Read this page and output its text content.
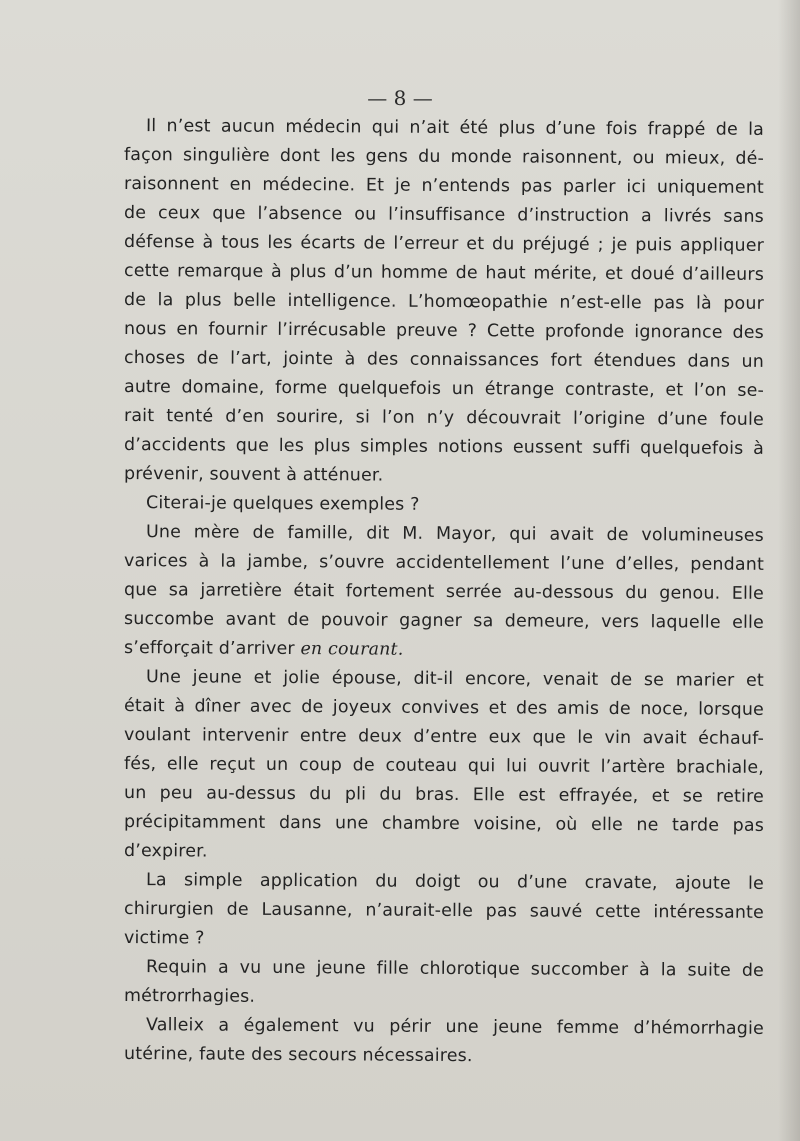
— 8 —
Il n’est aucun médecin qui n’ait été plus d’une fois frappé de la
façon singulière dont les gens du monde raisonnent, ou mieux, dé-
raisonnent en médecine. Et je n’entends pas parler ici uniquement
de ceux que l’absence ou l’insuffisance d’instruction a livrés sans
défense à tous les écarts de l’erreur et du préjugé ; je puis appliquer
cette remarque à plus d’un homme de haut mérite, et doué d’ailleurs
de la plus belle intelligence. L’homœopathie n’est-elle pas là pour
nous en fournir l’irrécusable preuve ? Cette profonde ignorance des
choses de l’art, jointe à des connaissances fort étendues dans un
autre domaine, forme quelquefois un étrange contraste, et l’on se-
rait tenté d’en sourire, si l’on n’y découvrait l’origine d’une foule
d’accidents que les plus simples notions eussent suffi quelquefois à
prévenir, souvent à atténuer.
Citerai-je quelques exemples ?
Une mère de famille, dit M. Mayor, qui avait de volumineuses
varices à la jambe, s’ouvre accidentellement l’une d’elles, pendant
que sa jarretière était fortement serrée au-dessous du genou. Elle
succombe avant de pouvoir gagner sa demeure, vers laquelle elle
s’efforçait d’arriver en courant.
Une jeune et jolie épouse, dit-il encore, venait de se marier et
était à dîner avec de joyeux convives et des amis de noce, lorsque
voulant intervenir entre deux d’entre eux que le vin avait échauf-
fés, elle reçut un coup de couteau qui lui ouvrit l’artère brachiale,
un peu au-dessus du pli du bras. Elle est effrayée, et se retire
précipitamment dans une chambre voisine, où elle ne tarde pas
d’expirer.
La simple application du doigt ou d’une cravate, ajoute le
chirurgien de Lausanne, n’aurait-elle pas sauvé cette intéressante
victime ?
Requin a vu une jeune fille chlorotique succomber à la suite de
métrorrhagies.
Valleix a également vu périr une jeune femme d’hémorrhagie
utérine, faute des secours nécessaires.
